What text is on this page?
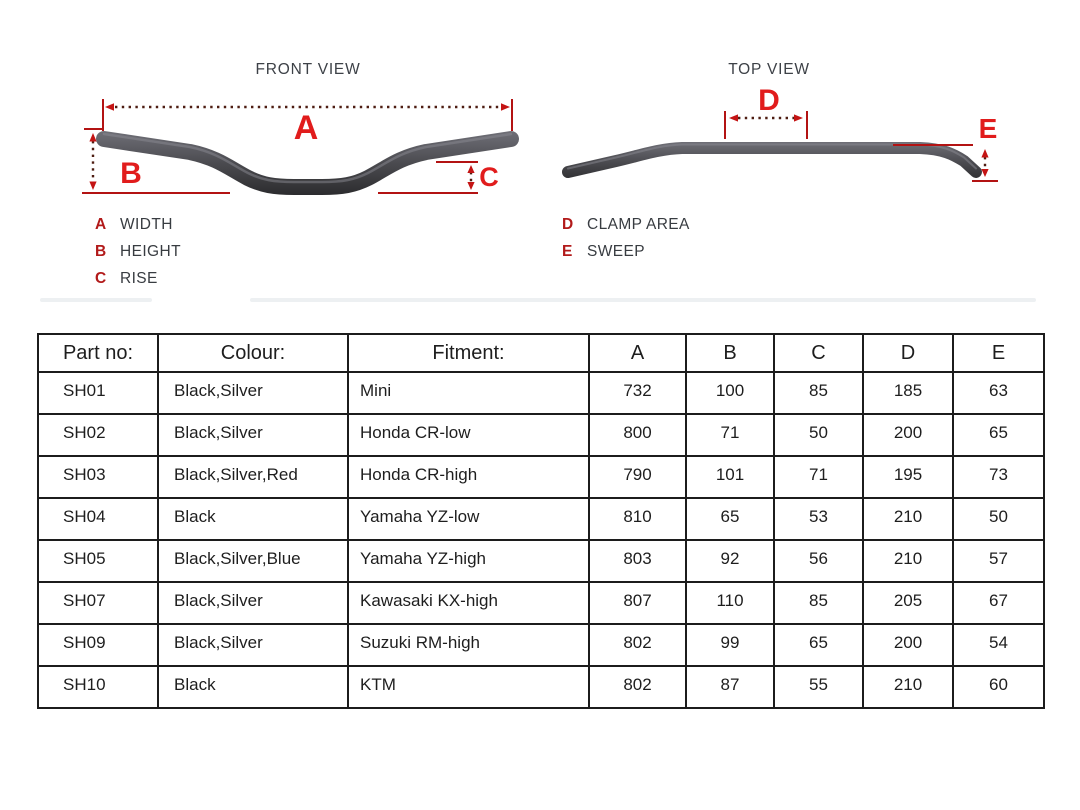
FRONT VIEW	TOP VIEW
A
B	C
D
E
A WIDTH
B HEIGHT
C RISE
D CLAMP AREA
E SWEEP
Part no:	Colour:	Fitment:	A	B	C	D	E
SH01	Black,Silver	Mini	732	100	85	185	63
SH02	Black,Silver	Honda CR-low	800	71	50	200	65
SH03	Black,Silver,Red	Honda CR-high	790	101	71	195	73
SH04	Black	Yamaha YZ-low	810	65	53	210	50
SH05	Black,Silver,Blue	Yamaha YZ-high	803	92	56	210	57
SH07	Black,Silver	Kawasaki KX-high	807	110	85	205	67
SH09	Black,Silver	Suzuki RM-high	802	99	65	200	54
SH10	Black	KTM	802	87	55	210	60
